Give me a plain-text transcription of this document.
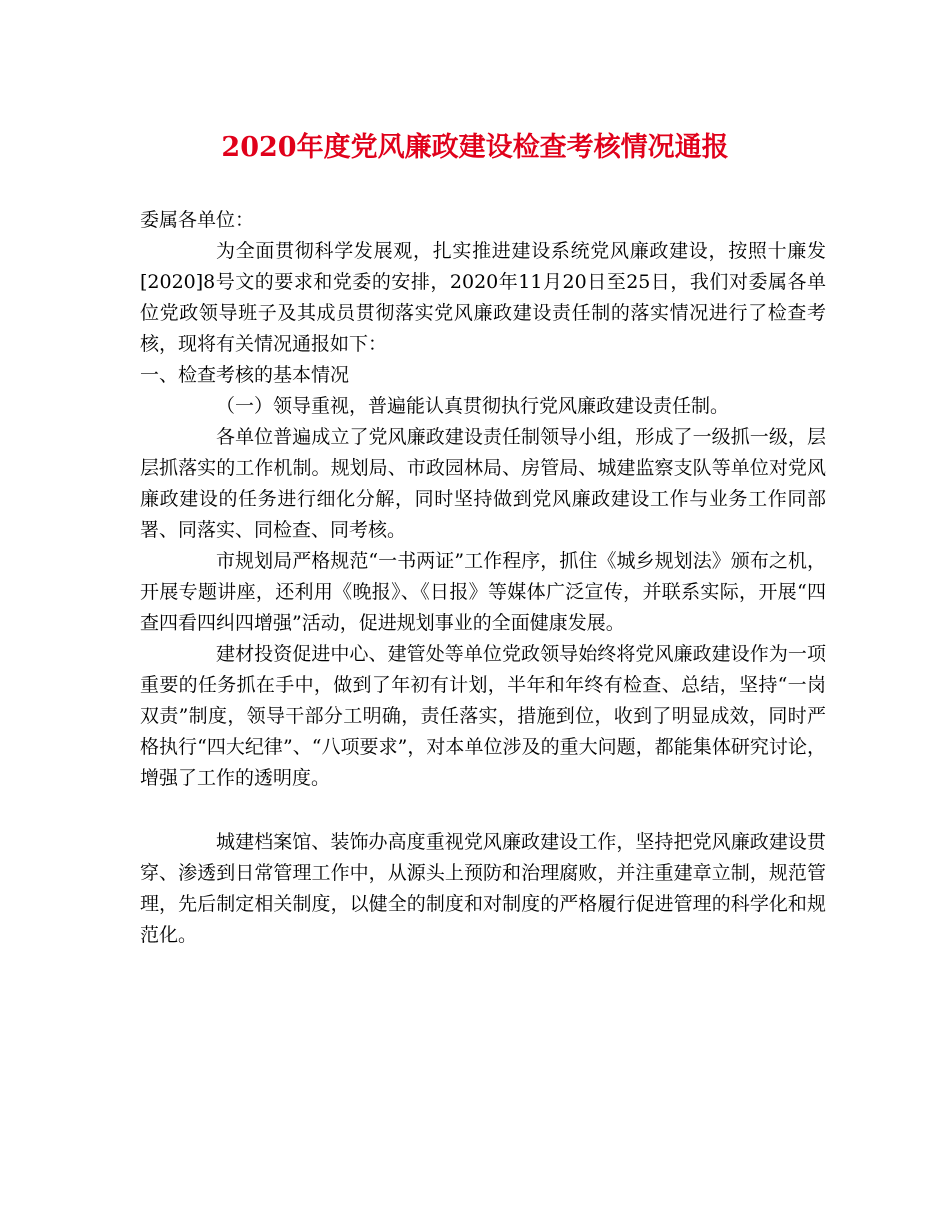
2020年度党风廉政建设检查考核情况通报

委属各单位：

为全面贯彻科学发展观，扎实推进建设系统党风廉政建设，按照十廉发[2020]8号文的要求和党委的安排，2020年11月20日至25日，我们对委属各单位党政领导班子及其成员贯彻落实党风廉政建设责任制的落实情况进行了检查考核，现将有关情况通报如下：

一、检查考核的基本情况

（一）领导重视，普遍能认真贯彻执行党风廉政建设责任制。

各单位普遍成立了党风廉政建设责任制领导小组，形成了一级抓一级，层层抓落实的工作机制。规划局、市政园林局、房管局、城建监察支队等单位对党风廉政建设的任务进行细化分解，同时坚持做到党风廉政建设工作与业务工作同部署、同落实、同检查、同考核。

市规划局严格规范“一书两证”工作程序，抓住《城乡规划法》颁布之机，开展专题讲座，还利用《晚报》、《日报》等媒体广泛宣传，并联系实际，开展“四查四看四纠四增强”活动，促进规划事业的全面健康发展。

建材投资促进中心、建管处等单位党政领导始终将党风廉政建设作为一项重要的任务抓在手中，做到了年初有计划，半年和年终有检查、总结，坚持“一岗双责”制度，领导干部分工明确，责任落实，措施到位，收到了明显成效，同时严格执行“四大纪律”、“八项要求”，对本单位涉及的重大问题，都能集体研究讨论，增强了工作的透明度。

城建档案馆、装饰办高度重视党风廉政建设工作，坚持把党风廉政建设贯穿、渗透到日常管理工作中，从源头上预防和治理腐败，并注重建章立制，规范管理，先后制定相关制度，以健全的制度和对制度的严格履行促进管理的科学化和规范化。
